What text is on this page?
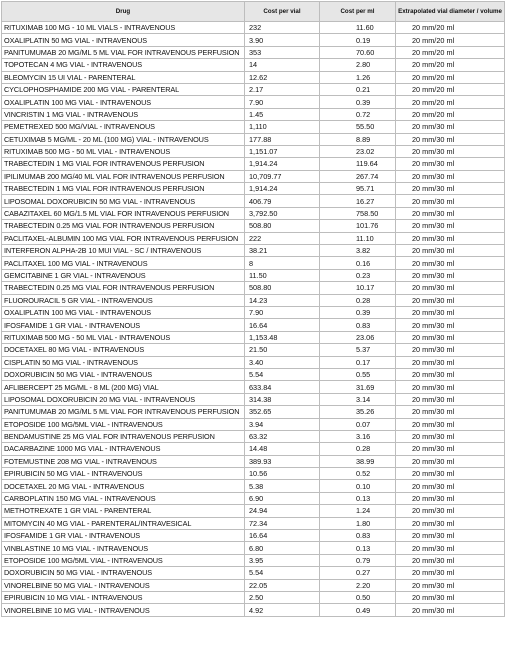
Drug	Cost per vial	Cost per ml	Extrapolated vial diameter / volume
RITUXIMAB 100 MG - 10 ML VIALS - INTRAVENOUS	232	11.60	20 mm/20 ml
OXALIPLATIN 50 MG VIAL - INTRAVENOUS	3.90	0.19	20 mm/20 ml
PANITUMUMAB 20 MG/ML 5 ML VIAL FOR INTRAVENOUS PERFUSION	353	70.60	20 mm/20 ml
TOPOTECAN 4 MG VIAL - INTRAVENOUS	14	2.80	20 mm/20 ml
BLEOMYCIN 15 UI VIAL - PARENTERAL	12.62	1.26	20 mm/20 ml
CYCLOPHOSPHAMIDE 200 MG VIAL - PARENTERAL	2.17	0.21	20 mm/20 ml
OXALIPLATIN 100 MG VIAL - INTRAVENOUS	7.90	0.39	20 mm/20 ml
VINCRISTIN 1 MG VIAL - INTRAVENOUS	1.45	0.72	20 mm/20 ml
PEMETREXED 500 MG/VIAL - INTRAVENOUS	1,110	55.50	20 mm/30 ml
CETUXIMAB 5 MG/ML - 20 ML (100 MG) VIAL - INTRAVENOUS	177.88	8.89	20 mm/30 ml
RITUXIMAB 500 MG - 50 ML VIAL - INTRAVENOUS	1,151.07	23.02	20 mm/30 ml
TRABECTEDIN 1 MG VIAL FOR INTRAVENOUS PERFUSION	1,914.24	119.64	20 mm/30 ml
IPILIMUMAB 200 MG/40 ML VIAL FOR INTRAVENOUS PERFUSION	10,709.77	267.74	20 mm/30 ml
TRABECTEDIN 1 MG VIAL FOR INTRAVENOUS PERFUSION	1,914.24	95.71	20 mm/30 ml
LIPOSOMAL DOXORUBICIN 50 MG VIAL - INTRAVENOUS	406.79	16.27	20 mm/30 ml
CABAZITAXEL 60 MG/1.5 ML VIAL FOR INTRAVENOUS PERFUSION	3,792.50	758.50	20 mm/30 ml
TRABECTEDIN 0.25 MG VIAL FOR INTRAVENOUS PERFUSION	508.80	101.76	20 mm/30 ml
PACLITAXEL-ALBUMIN 100 MG VIAL FOR INTRAVENOUS PERFUSION	222	11.10	20 mm/30 ml
INTERFERON ALPHA-2B 10 MUI VIAL - SC / INTRAVENOUS	38.21	3.82	20 mm/30 ml
PACLITAXEL 100 MG VIAL - INTRAVENOUS	8	0.16	20 mm/30 ml
GEMCITABINE 1 GR VIAL - INTRAVENOUS	11.50	0.23	20 mm/30 ml
TRABECTEDIN 0.25 MG VIAL FOR INTRAVENOUS PERFUSION	508.80	10.17	20 mm/30 ml
FLUOROURACIL 5 GR VIAL - INTRAVENOUS	14.23	0.28	20 mm/30 ml
OXALIPLATIN 100 MG VIAL - INTRAVENOUS	7.90	0.39	20 mm/30 ml
IFOSFAMIDE 1 GR VIAL - INTRAVENOUS	16.64	0.83	20 mm/30 ml
RITUXIMAB 500 MG - 50 ML VIAL - INTRAVENOUS	1,153.48	23.06	20 mm/30 ml
DOCETAXEL 80 MG VIAL - INTRAVENOUS	21.50	5.37	20 mm/30 ml
CISPLATIN 50 MG VIAL - INTRAVENOUS	3.40	0.17	20 mm/30 ml
DOXORUBICIN 50 MG VIAL - INTRAVENOUS	5.54	0.55	20 mm/30 ml
AFLIBERCEPT 25 MG/ML - 8 ML (200 MG) VIAL	633.84	31.69	20 mm/30 ml
LIPOSOMAL DOXORUBICIN 20 MG VIAL - INTRAVENOUS	314.38	3.14	20 mm/30 ml
PANITUMUMAB 20 MG/ML 5 ML VIAL FOR INTRAVENOUS PERFUSION	352.65	35.26	20 mm/30 ml
ETOPOSIDE 100 MG/5ML VIAL - INTRAVENOUS	3.94	0.07	20 mm/30 ml
BENDAMUSTINE 25 MG VIAL FOR INTRAVENOUS PERFUSION	63.32	3.16	20 mm/30 ml
DACARBAZINE 1000 MG VIAL - INTRAVENOUS	14.48	0.28	20 mm/30 ml
FOTEMUSTINE 208 MG VIAL - INTRAVENOUS	389.93	38.99	20 mm/30 ml
EPIRUBICIN 50 MG VIAL - INTRAVENOUS	10.56	0.52	20 mm/30 ml
DOCETAXEL 20 MG VIAL - INTRAVENOUS	5.38	0.10	20 mm/30 ml
CARBOPLATIN 150 MG VIAL - INTRAVENOUS	6.90	0.13	20 mm/30 ml
METHOTREXATE 1 GR VIAL - PARENTERAL	24.94	1.24	20 mm/30 ml
MITOMYCIN 40 MG VIAL - PARENTERAL/INTRAVESICAL	72.34	1.80	20 mm/30 ml
IFOSFAMIDE 1 GR VIAL - INTRAVENOUS	16.64	0.83	20 mm/30 ml
VINBLASTINE 10 MG VIAL - INTRAVENOUS	6.80	0.13	20 mm/30 ml
ETOPOSIDE 100 MG/5ML VIAL - INTRAVENOUS	3.95	0.79	20 mm/30 ml
DOXORUBICIN 50 MG VIAL - INTRAVENOUS	5.54	0.27	20 mm/30 ml
VINORELBINE 50 MG VIAL - INTRAVENOUS	22.05	2.20	20 mm/30 ml
EPIRUBICIN 10 MG VIAL - INTRAVENOUS	2.50	0.50	20 mm/30 ml
VINORELBINE 10 MG VIAL - INTRAVENOUS	4.92	0.49	20 mm/30 ml
